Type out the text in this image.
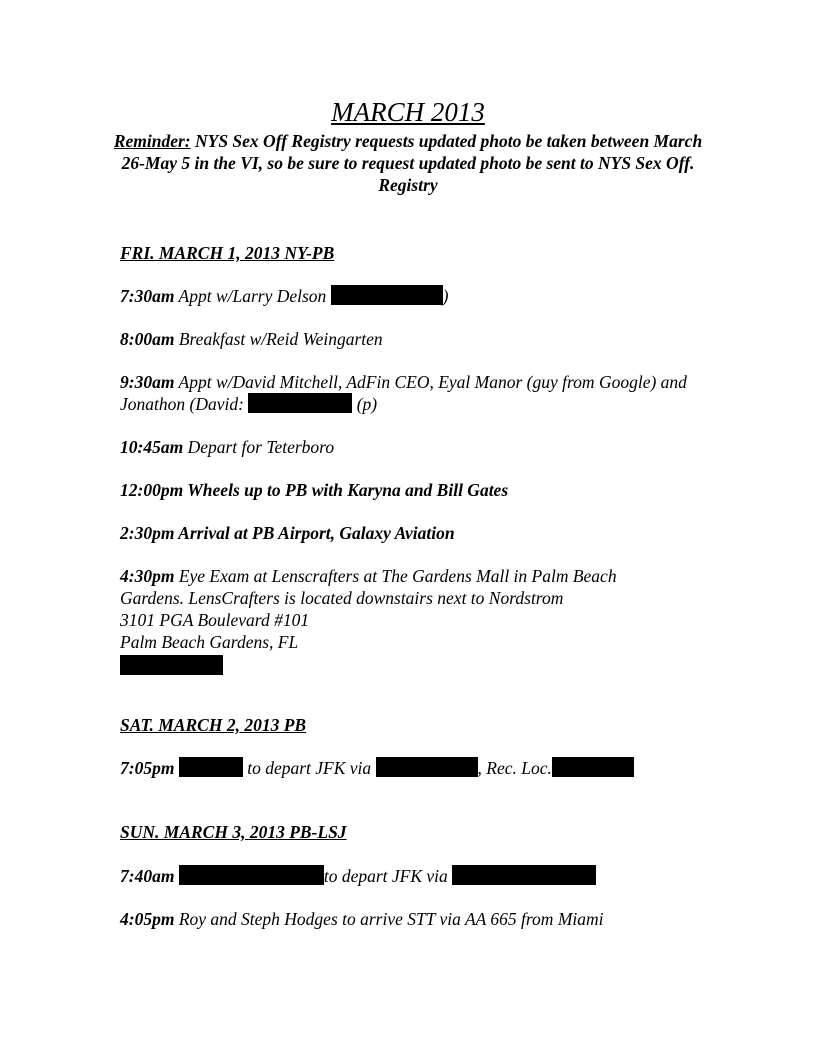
MARCH 2013
Reminder: NYS Sex Off Registry requests updated photo be taken between March 26-May 5 in the VI, so be sure to request updated photo be sent to NYS Sex Off. Registry
FRI. MARCH 1, 2013 NY-PB
7:30am Appt w/Larry Delson	)
8:00am Breakfast w/Reid Weingarten
9:30am Appt w/David Mitchell, AdFin CEO, Eyal Manor (guy from Google) and Jonathon (David:	(p)
10:45am Depart for Teterboro
12:00pm Wheels up to PB with Karyna and Bill Gates
2:30pm Arrival at PB Airport, Galaxy Aviation
4:30pm Eye Exam at Lenscrafters at The Gardens Mall in Palm Beach Gardens. LensCrafters is located downstairs next to Nordstrom
3101 PGA Boulevard #101
Palm Beach Gardens, FL

SAT. MARCH 2, 2013 PB
7:05pm	to depart JFK via	, Rec. Loc.
SUN. MARCH 3, 2013 PB-LSJ
7:40am	to depart JFK via
4:05pm Roy and Steph Hodges to arrive STT via AA 665 from Miami
